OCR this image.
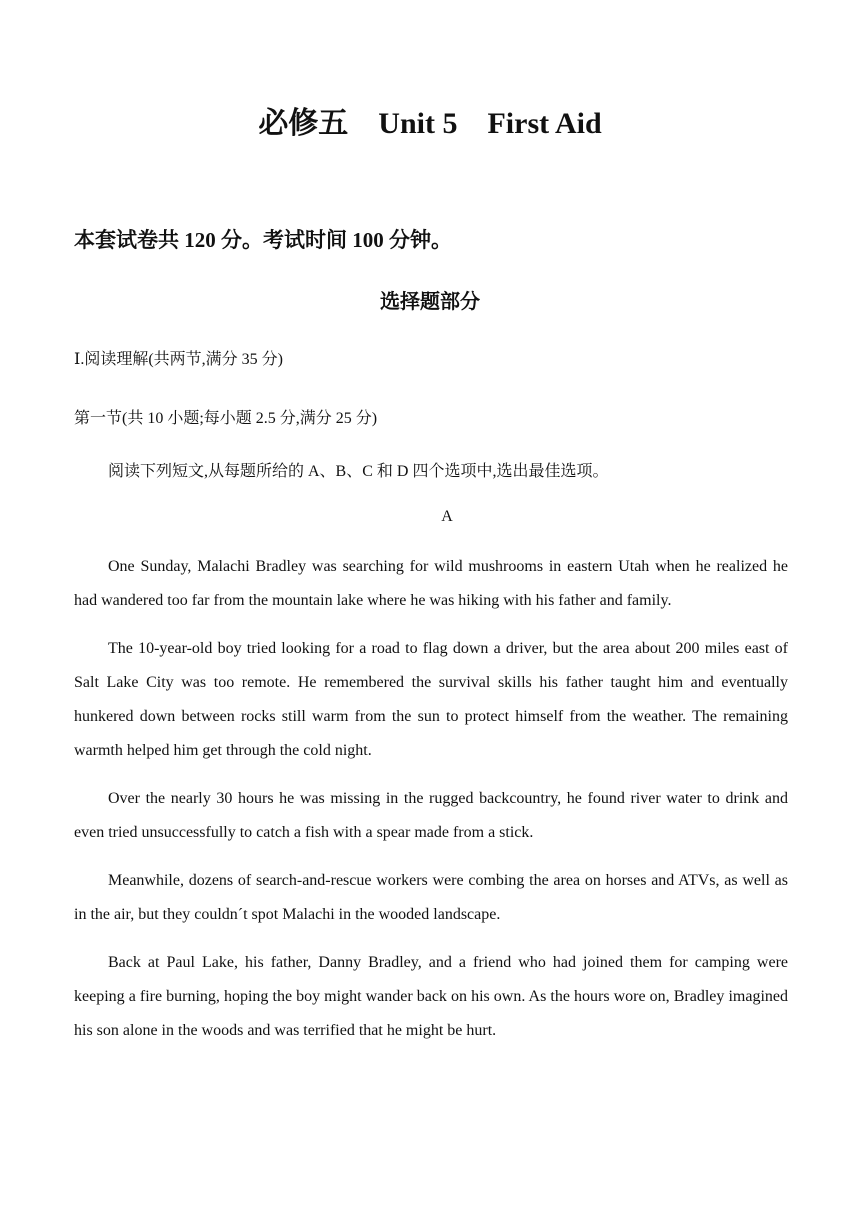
必修五    Unit 5    First Aid
本套试卷共 120 分。考试时间 100 分钟。
选择题部分
Ⅰ.阅读理解(共两节,满分 35 分)
第一节(共 10 小题;每小题 2.5 分,满分 25 分)
阅读下列短文,从每题所给的 A、B、C 和 D 四个选项中,选出最佳选项。
A

One Sunday, Malachi Bradley was searching for wild mushrooms in eastern Utah when he realized he had wandered too far from the mountain lake where he was hiking with his father and family.

The 10-year-old boy tried looking for a road to flag down a driver, but the area about 200 miles east of Salt Lake City was too remote. He remembered the survival skills his father taught him and eventually hunkered down between rocks still warm from the sun to protect himself from the weather. The remaining warmth helped him get through the cold night.

Over the nearly 30 hours he was missing in the rugged backcountry, he found river water to drink and even tried unsuccessfully to catch a fish with a spear made from a stick.

Meanwhile, dozens of search-and-rescue workers were combing the area on horses and ATVs, as well as in the air, but they couldn´t spot Malachi in the wooded landscape.

Back at Paul Lake, his father, Danny Bradley, and a friend who had joined them for camping were keeping a fire burning, hoping the boy might wander back on his own. As the hours wore on, Bradley imagined his son alone in the woods and was terrified that he might be hurt.
